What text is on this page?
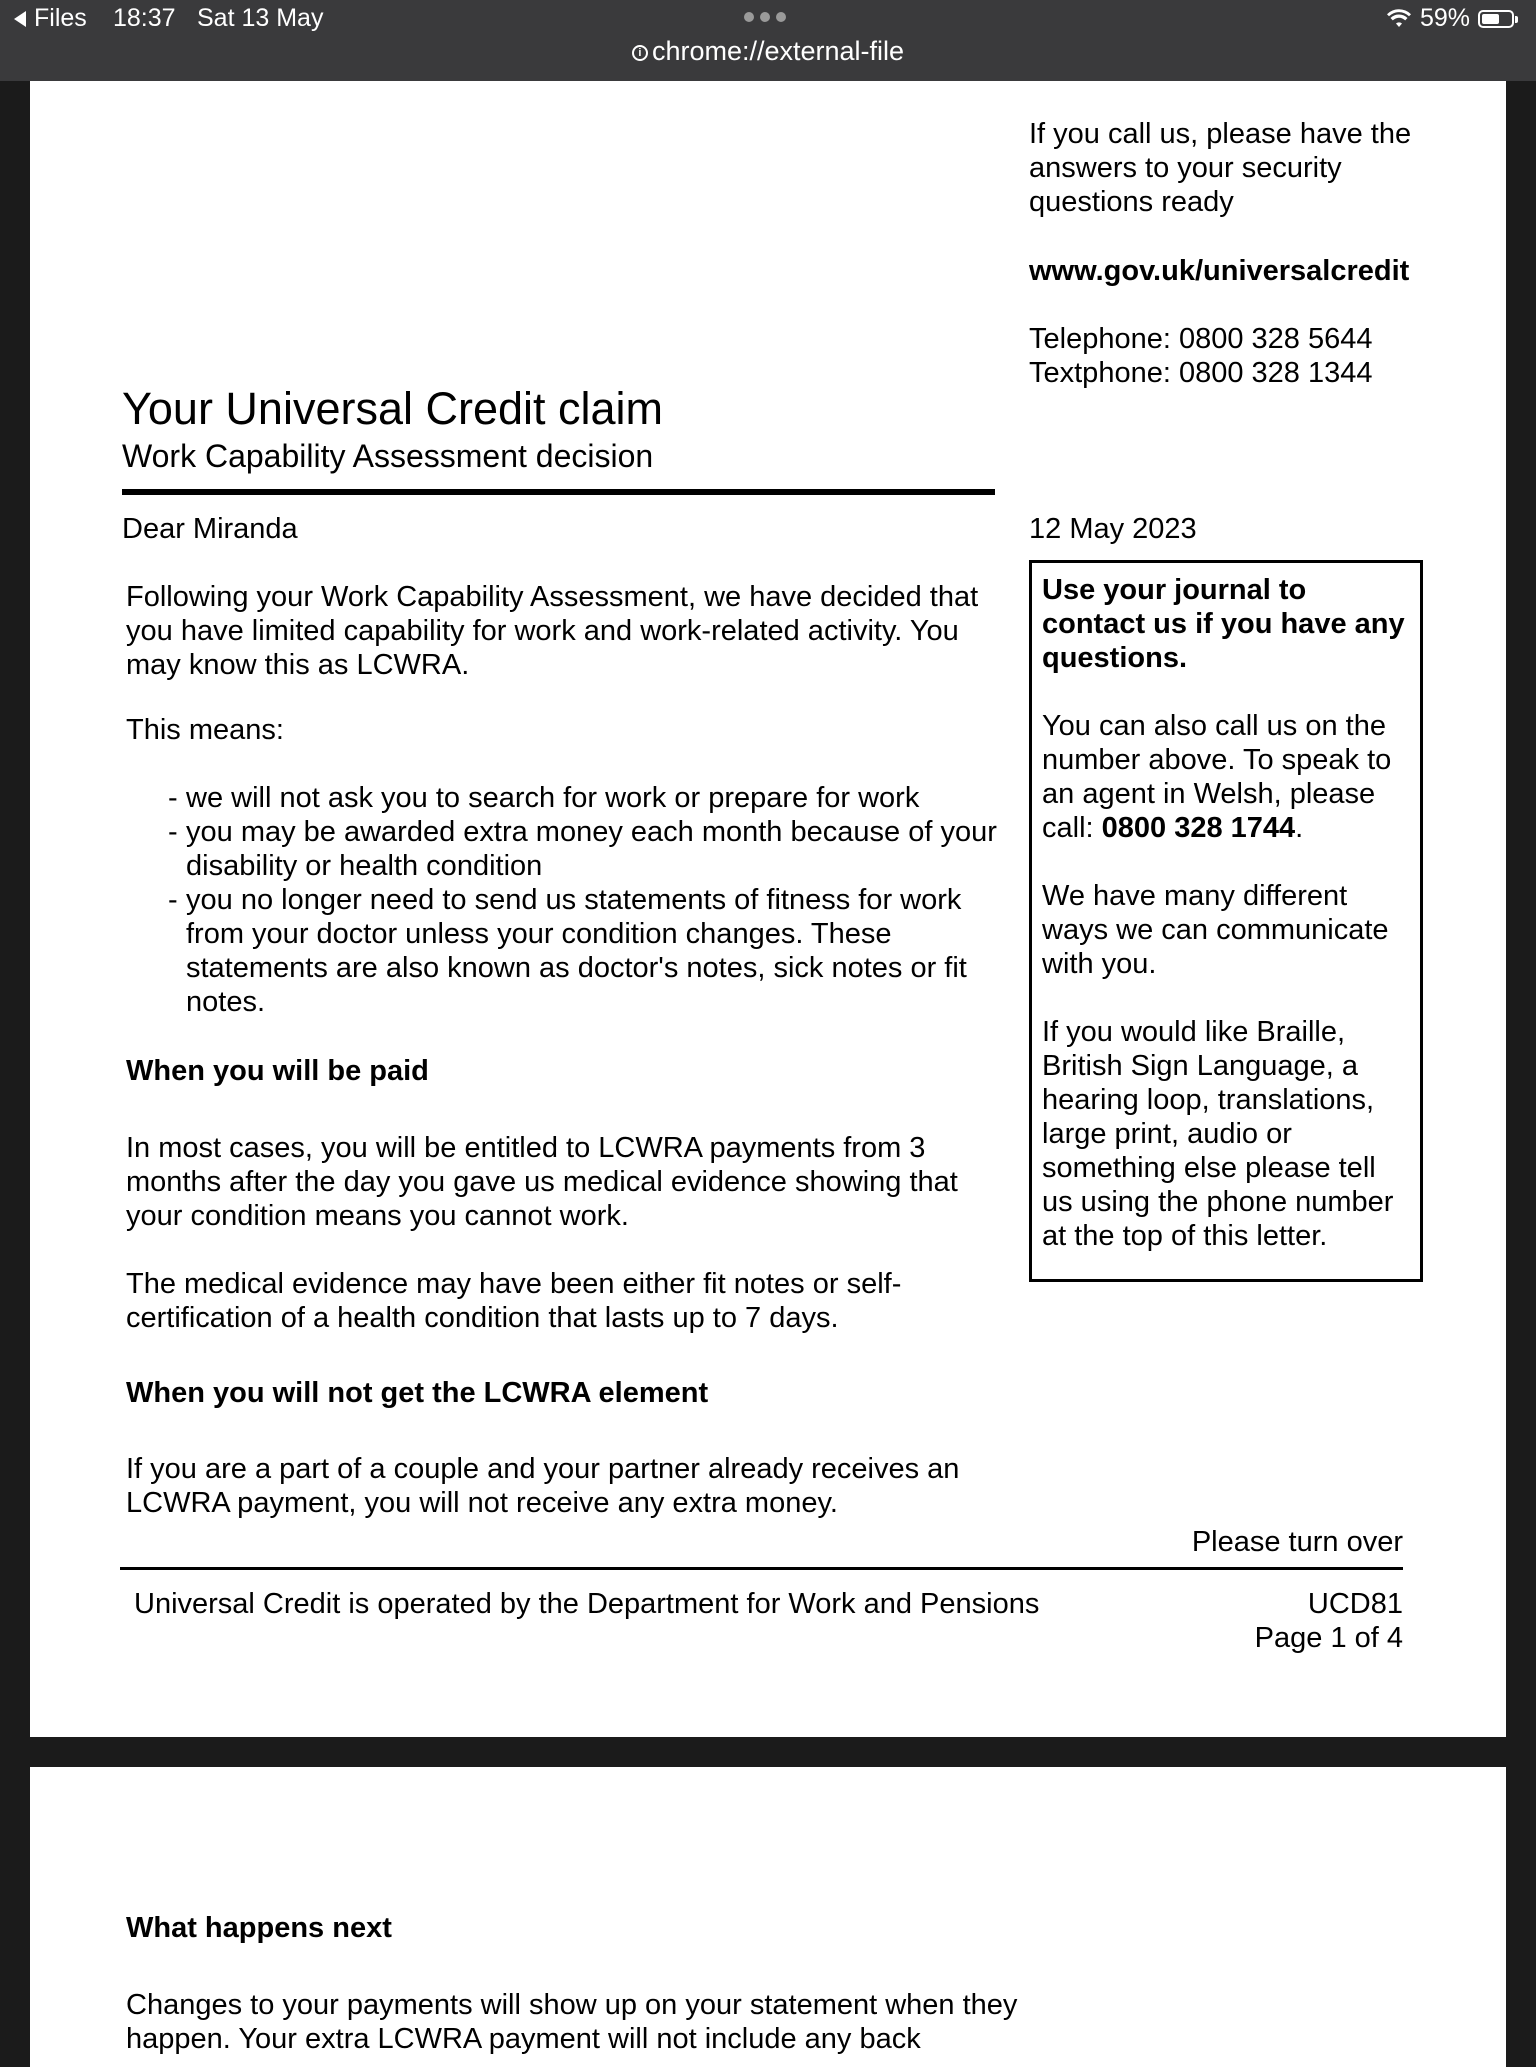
Files 18:37 Sat 13 May	59%
i chrome://external-file
If you call us, please have the answers to your security questions ready
www.gov.uk/universalcredit
Telephone: 0800 328 5644
Textphone: 0800 328 1344
Your Universal Credit claim
Work Capability Assessment decision
Dear Miranda	12 May 2023
Following your Work Capability Assessment, we have decided that you have limited capability for work and work-related activity. You may know this as LCWRA.
This means:
- we will not ask you to search for work or prepare for work
- you may be awarded extra money each month because of your disability or health condition
- you no longer need to send us statements of fitness for work from your doctor unless your condition changes. These statements are also known as doctor's notes, sick notes or fit notes.
When you will be paid
In most cases, you will be entitled to LCWRA payments from 3 months after the day you gave us medical evidence showing that your condition means you cannot work.
The medical evidence may have been either fit notes or self-certification of a health condition that lasts up to 7 days.
When you will not get the LCWRA element
If you are a part of a couple and your partner already receives an LCWRA payment, you will not receive any extra money.

Use your journal to contact us if you have any questions.

You can also call us on the number above. To speak to an agent in Welsh, please call: 0800 328 1744.

We have many different ways we can communicate with you.

If you would like Braille, British Sign Language, a hearing loop, translations, large print, audio or something else please tell us using the phone number at the top of this letter.

Please turn over
Universal Credit is operated by the Department for Work and Pensions	UCD81
Page 1 of 4
What happens next
Changes to your payments will show up on your statement when they happen. Your extra LCWRA payment will not include any back
